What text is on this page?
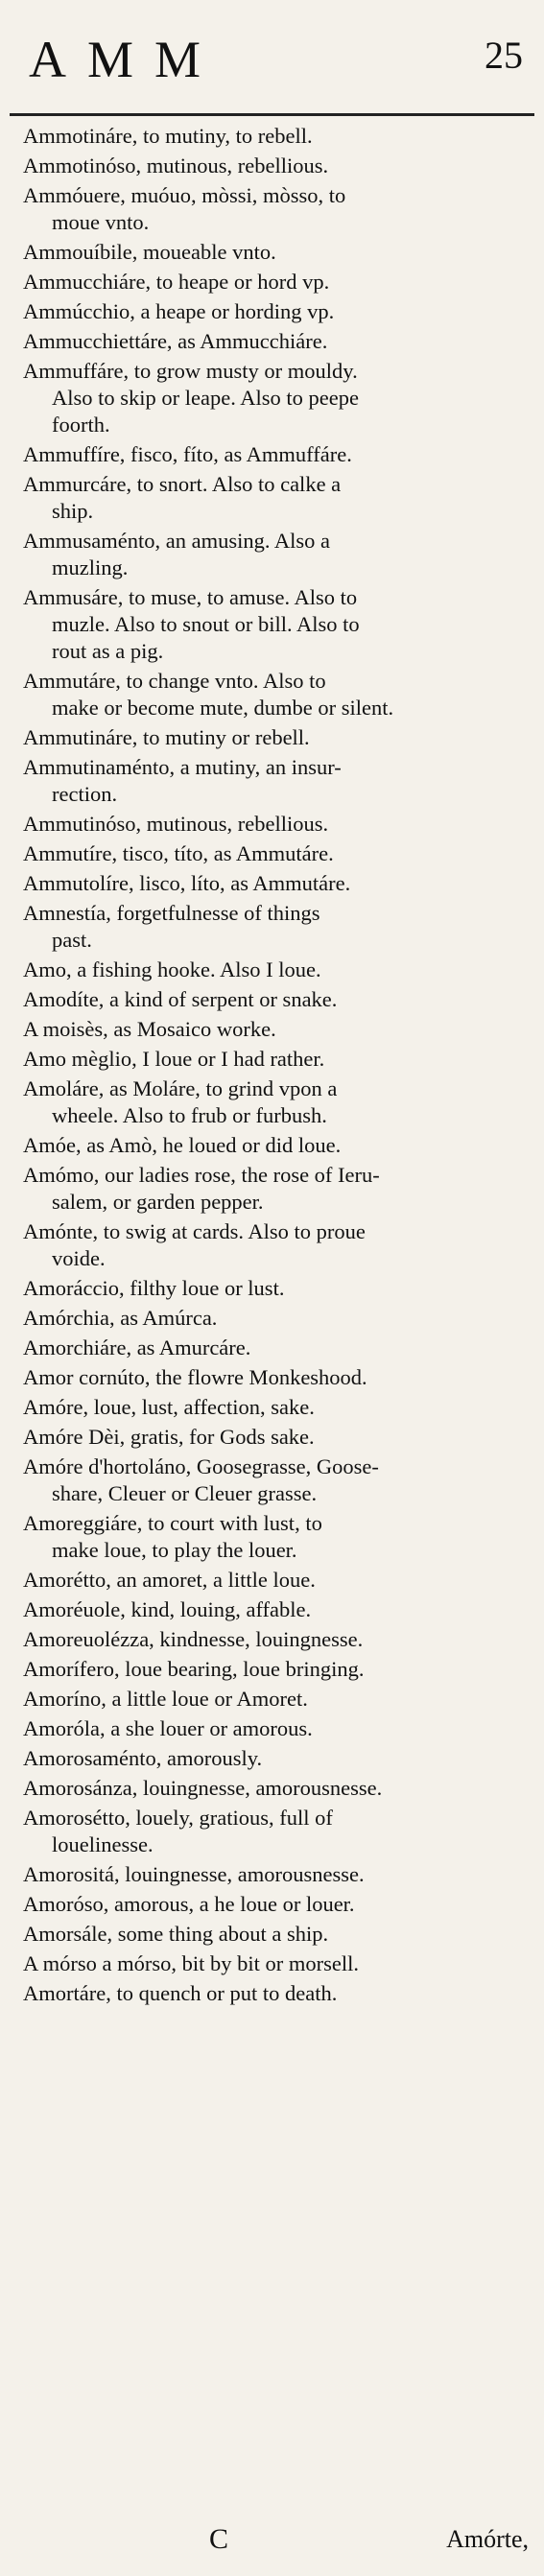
AMM	25
Ammotináre, to mutiny, to rebell.
Ammotinóso, mutinous, rebellious.
Ammóuere, muóuo, mòssi, mòsso, to
moue vnto.
Ammouíbile, moueable vnto.
Ammucchiáre, to heape or hord vp.
Ammúcchio, a heape or hording vp.
Ammucchiettáre, as Ammucchiáre.
Ammuffáre, to grow musty or mouldy.
Also to skip or leape. Also to peepe
foorth.
Ammuffíre, fisco, fíto, as Ammuffáre.
Ammurcáre, to snort. Also to calke a
ship.
Ammusaménto, an amusing. Also a
muzling.
Ammusáre, to muse, to amuse. Also to
muzle. Also to snout or bill. Also to
rout as a pig.
Ammutáre, to change vnto. Also to
make or become mute, dumbe or silent.
Ammutináre, to mutiny or rebell.
Ammutinaménto, a mutiny, an insur-
rection.
Ammutinóso, mutinous, rebellious.
Ammutíre, tisco, títo, as Ammutáre.
Ammutolíre, lisco, líto, as Ammutáre.
Amnestía, forgetfulnesse of things
past.
Amo, a fishing hooke. Also I loue.
Amodíte, a kind of serpent or snake.
A moisès, as Mosaico worke.
Amo mèglio, I loue or I had rather.
Amoláre, as Moláre, to grind vpon a
wheele. Also to frub or furbush.
Amóe, as Amò, he loued or did loue.
Amómo, our ladies rose, the rose of Ieru-
salem, or garden pepper.
Amónte, to swig at cards. Also to proue
voide.
Amoráccio, filthy loue or lust.
Amórchia, as Amúrca.
Amorchiáre, as Amurcáre.
Amor cornúto, the flowre Monkeshood.
Amóre, loue, lust, affection, sake.
Amóre Dèi, gratis, for Gods sake.
Amóre d'hortoláno, Goosegrasse, Goose-
share, Cleuer or Cleuer grasse.
Amoreggiáre, to court with lust, to
make loue, to play the louer.
Amorétto, an amoret, a little loue.
Amoréuole, kind, louing, affable.
Amoreuolézza, kindnesse, louingnesse.
Amorífero, loue bearing, loue bringing.
Amoríno, a little loue or Amoret.
Amoróla, a she louer or amorous.
Amorosaménto, amorously.
Amorosánza, louingnesse, amorousnesse.
Amorosétto, louely, gratious, full of
louelinesse.
Amorositá, louingnesse, amorousnesse.
Amoróso, amorous, a he loue or louer.
Amorsále, some thing about a ship.
A mórso a mórso, bit by bit or morsell.
Amortáre, to quench or put to death.
C	Amórte,
